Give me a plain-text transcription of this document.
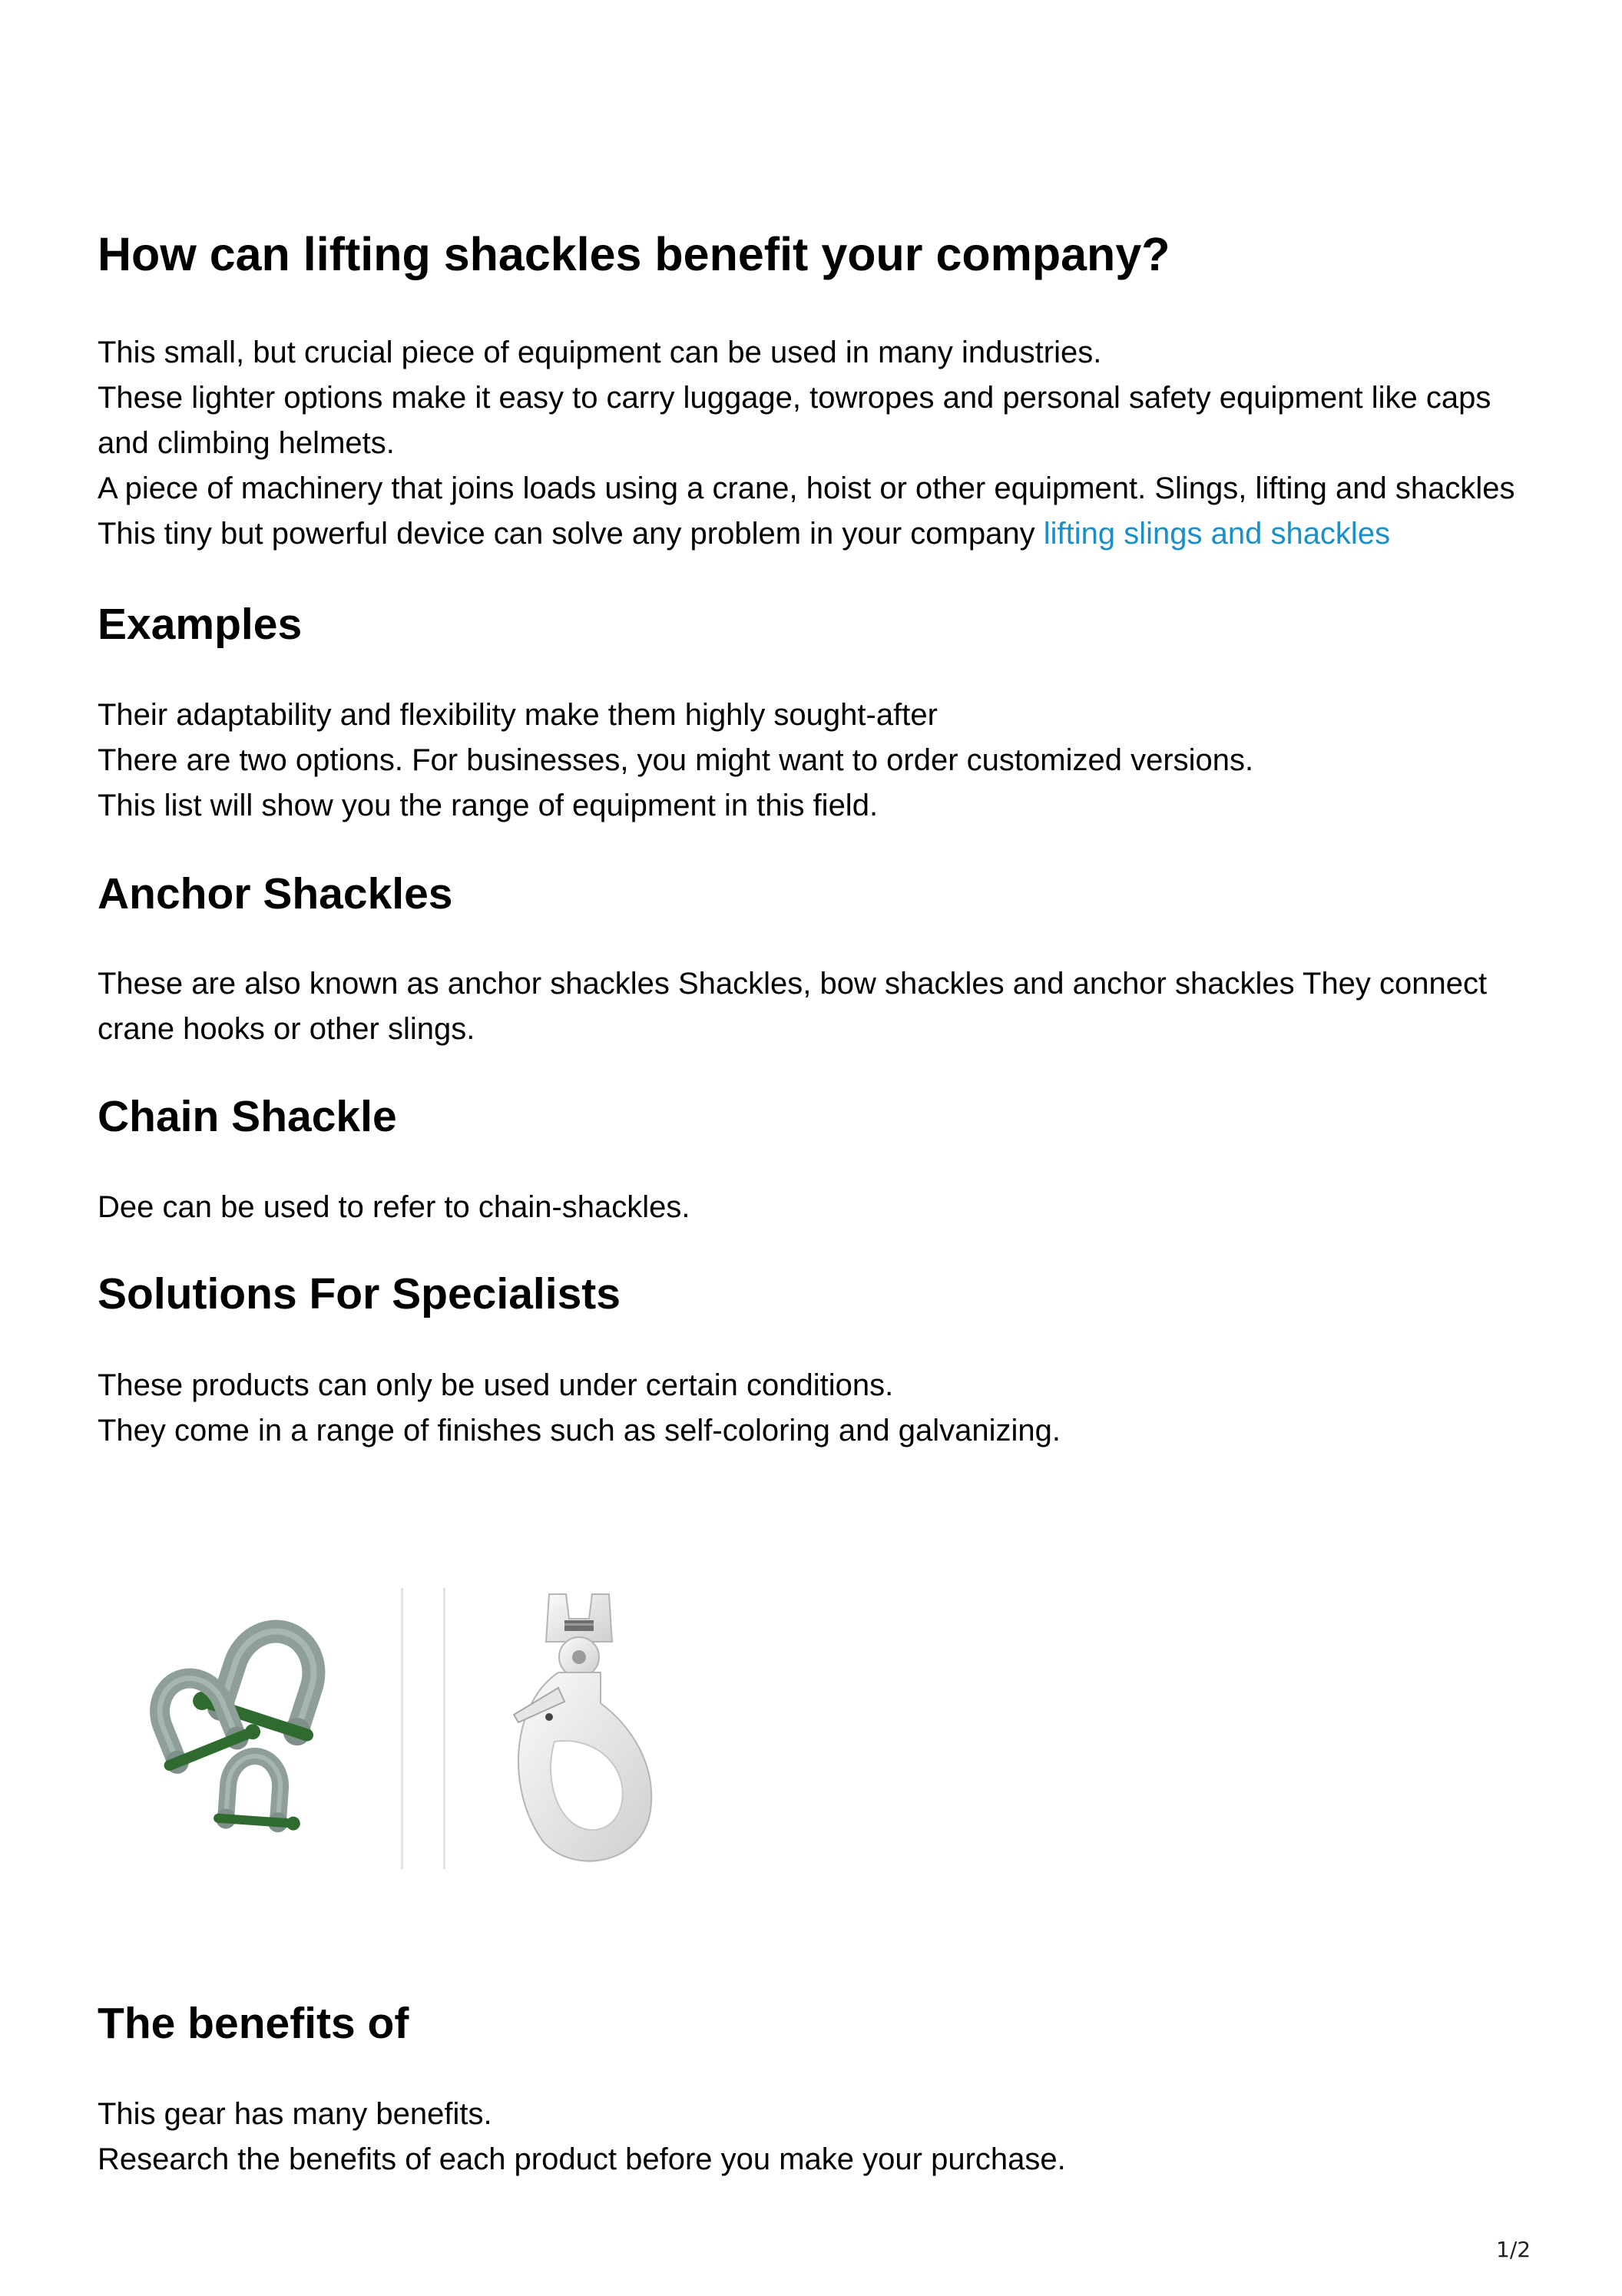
How can lifting shackles benefit your company?

This small, but crucial piece of equipment can be used in many industries.

These lighter options make it easy to carry luggage, towropes and personal safety equipment like caps and climbing helmets.

A piece of machinery that joins loads using a crane, hoist or other equipment. Slings, lifting and shackles

This tiny but powerful device can solve any problem in your company lifting slings and shackles

Examples

Their adaptability and flexibility make them highly sought-after

There are two options. For businesses, you might want to order customized versions.

This list will show you the range of equipment in this field.

Anchor Shackles

These are also known as anchor shackles Shackles, bow shackles and anchor shackles They connect crane hooks or other slings.

Chain Shackle

Dee can be used to refer to chain-shackles.

Solutions For Specialists

These products can only be used under certain conditions.

They come in a range of finishes such as self-coloring and galvanizing.

The benefits of

This gear has many benefits.

Research the benefits of each product before you make your purchase.

1/2
